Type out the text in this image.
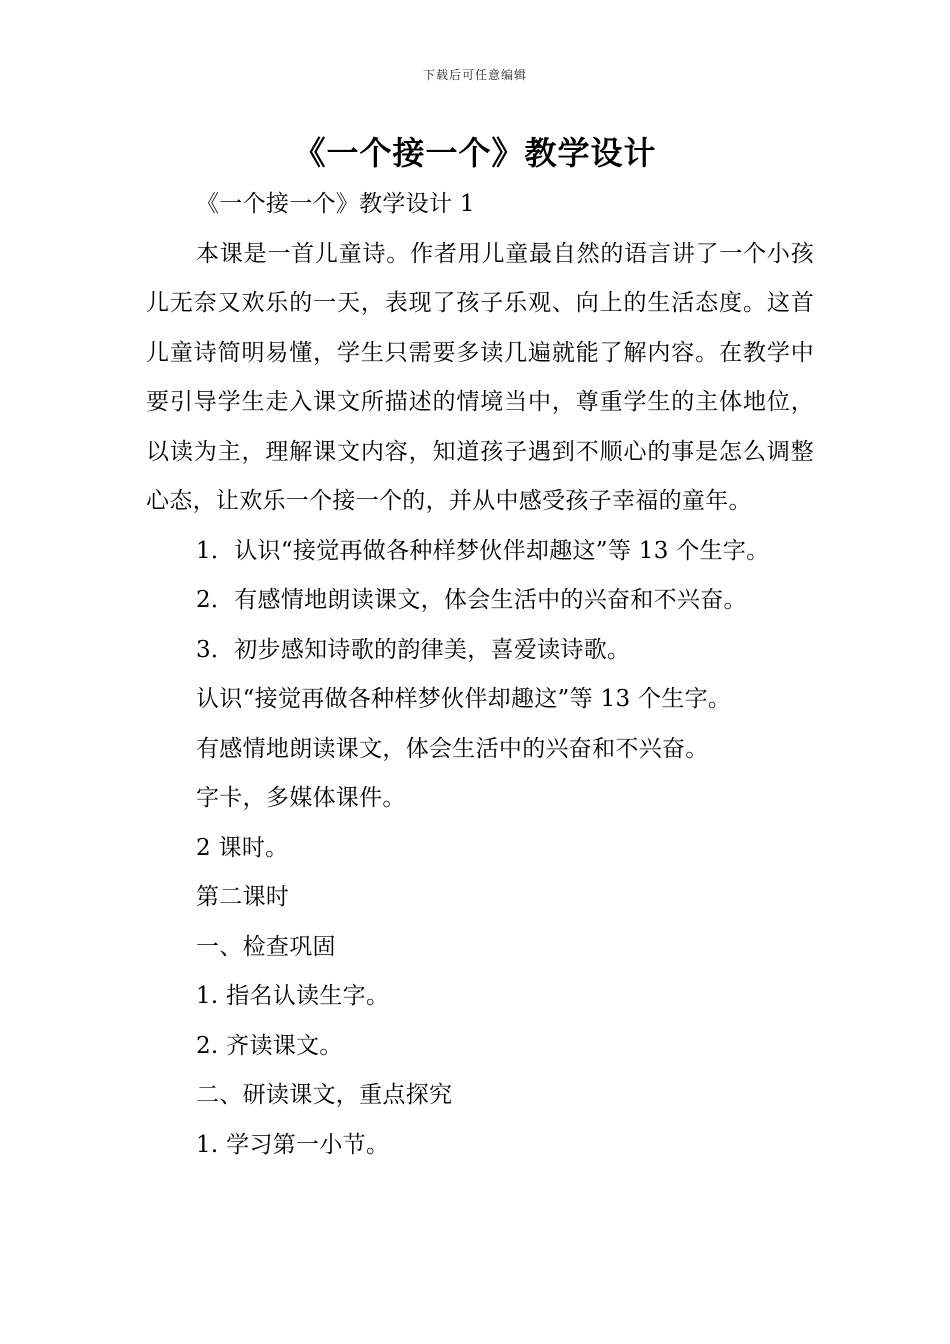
下载后可任意编辑
《一个接一个》教学设计
《一个接一个》教学设计 1

本课是一首儿童诗。作者用儿童最自然的语言讲了一个小孩儿无奈又欢乐的一天，表现了孩子乐观、向上的生活态度。这首儿童诗简明易懂，学生只需要多读几遍就能了解内容。在教学中要引导学生走入课文所描述的情境当中，尊重学生的主体地位，以读为主，理解课文内容，知道孩子遇到不顺心的事是怎么调整心态，让欢乐一个接一个的，并从中感受孩子幸福的童年。

1．认识“接觉再做各种样梦伙伴却趣这”等 13 个生字。
2．有感情地朗读课文，体会生活中的兴奋和不兴奋。
3．初步感知诗歌的韵律美，喜爱读诗歌。
认识“接觉再做各种样梦伙伴却趣这”等 13 个生字。
有感情地朗读课文，体会生活中的兴奋和不兴奋。
字卡，多媒体课件。
2 课时。
第二课时
一、检查巩固
1. 指名认读生字。
2. 齐读课文。
二、研读课文，重点探究
1. 学习第一小节。
